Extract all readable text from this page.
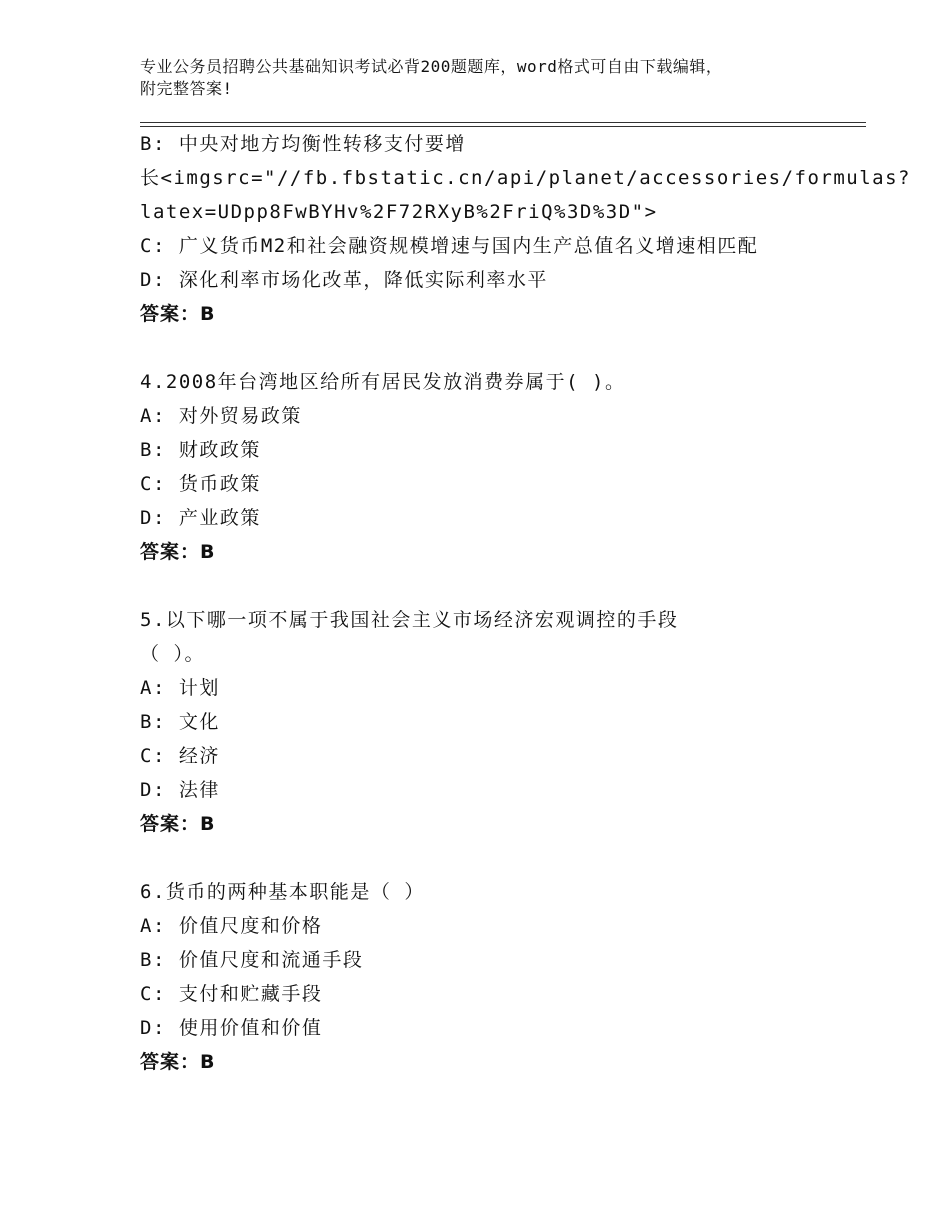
专业公务员招聘公共基础知识考试必背200题题库，word格式可自由下载编辑，
附完整答案!
B: 中央对地方均衡性转移支付要增
长<imgsrc="//fb.fbstatic.cn/api/planet/accessories/formulas?
latex=UDpp8FwBYHv%2F72RXyB%2FriQ%3D%3D">
C: 广义货币M2和社会融资规模增速与国内生产总值名义增速相匹配
D: 深化利率市场化改革，降低实际利率水平
答案：B
4.2008年台湾地区给所有居民发放消费券属于( )。
A: 对外贸易政策
B: 财政政策
C: 货币政策
D: 产业政策
答案：B
5.以下哪一项不属于我国社会主义市场经济宏观调控的手段
（ ）。
A: 计划
B: 文化
C: 经济
D: 法律
答案：B
6.货币的两种基本职能是（ ）
A: 价值尺度和价格
B: 价值尺度和流通手段
C: 支付和贮藏手段
D: 使用价值和价值
答案：B
